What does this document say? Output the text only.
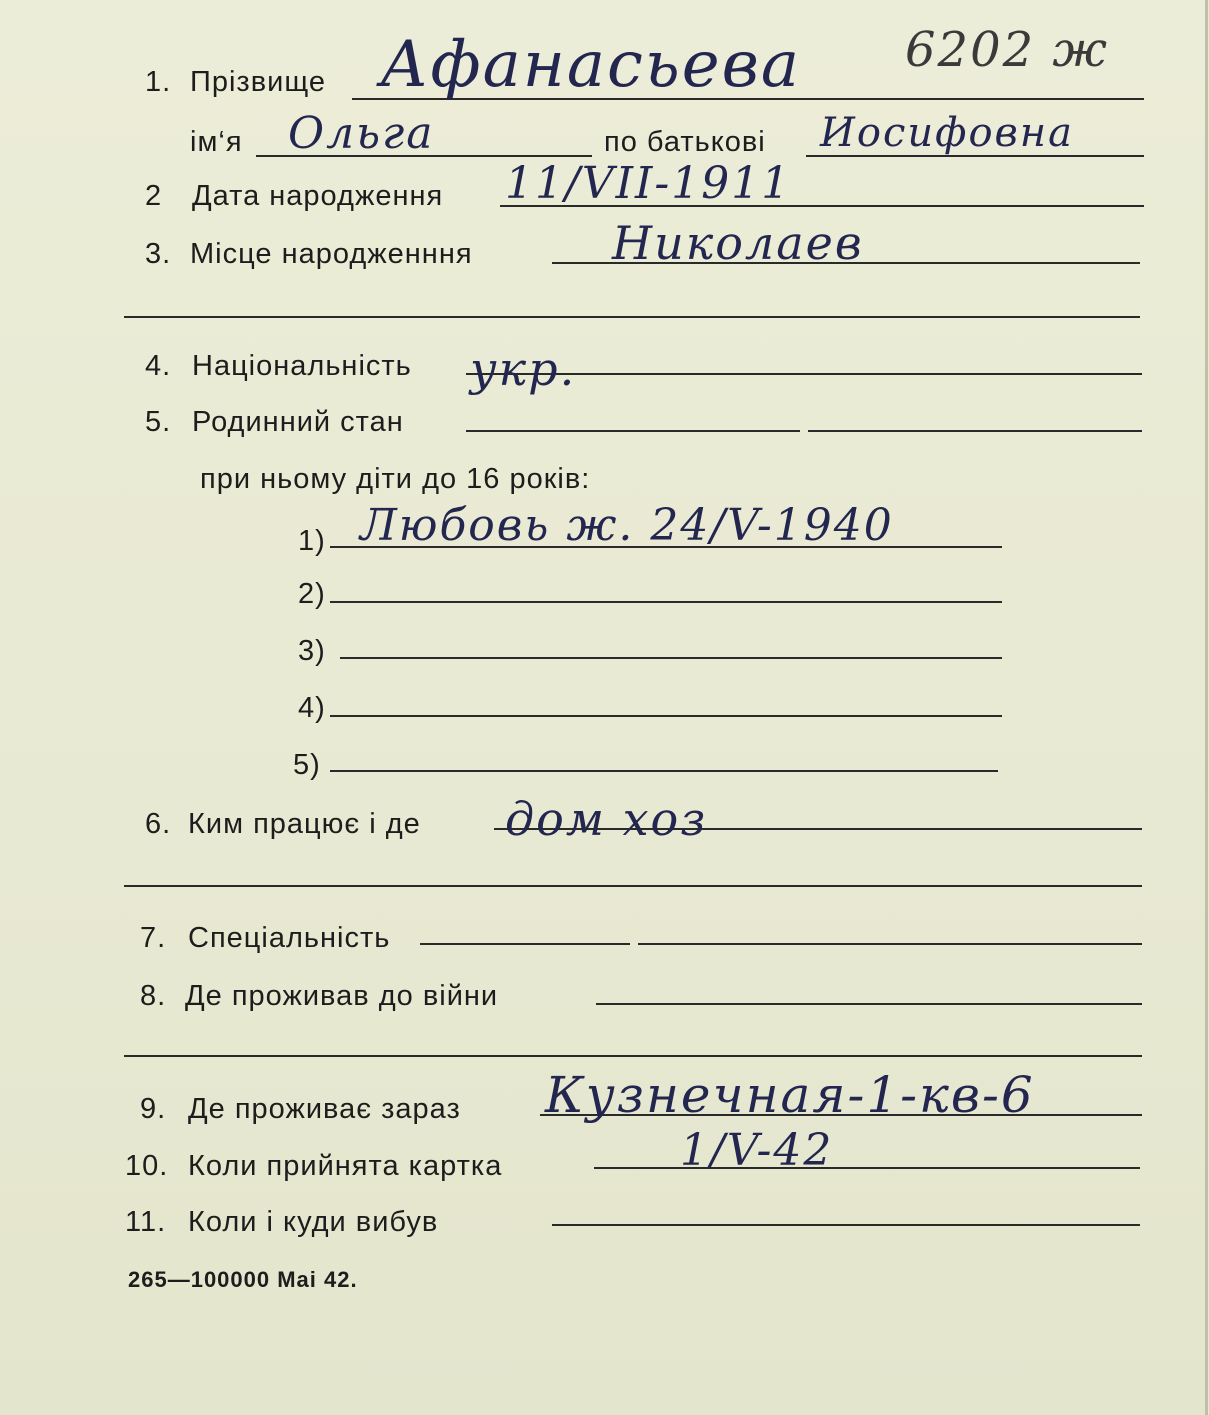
1. Прізвище Афанасьева 6202 ж
ім‘я Ольга	по батькові Иосифовна
2 Дата народження 11/VII-1911
3. Місце народженння	Николаев
4. Національність укр.
5. Родинний стан
при ньому діти до 16 років:
1) Любовь ж. 24/V-1940
2)
3)
4)
5)
6. Ким працює і де дом хоз
7. Спеціальність
8. Де проживав до війни
9. Де проживає зараз Кузнечная-1-кв-6
10. Коли прийнята картка	1/V-42
11. Коли і куди вибув
265—100000 Mai 42.
